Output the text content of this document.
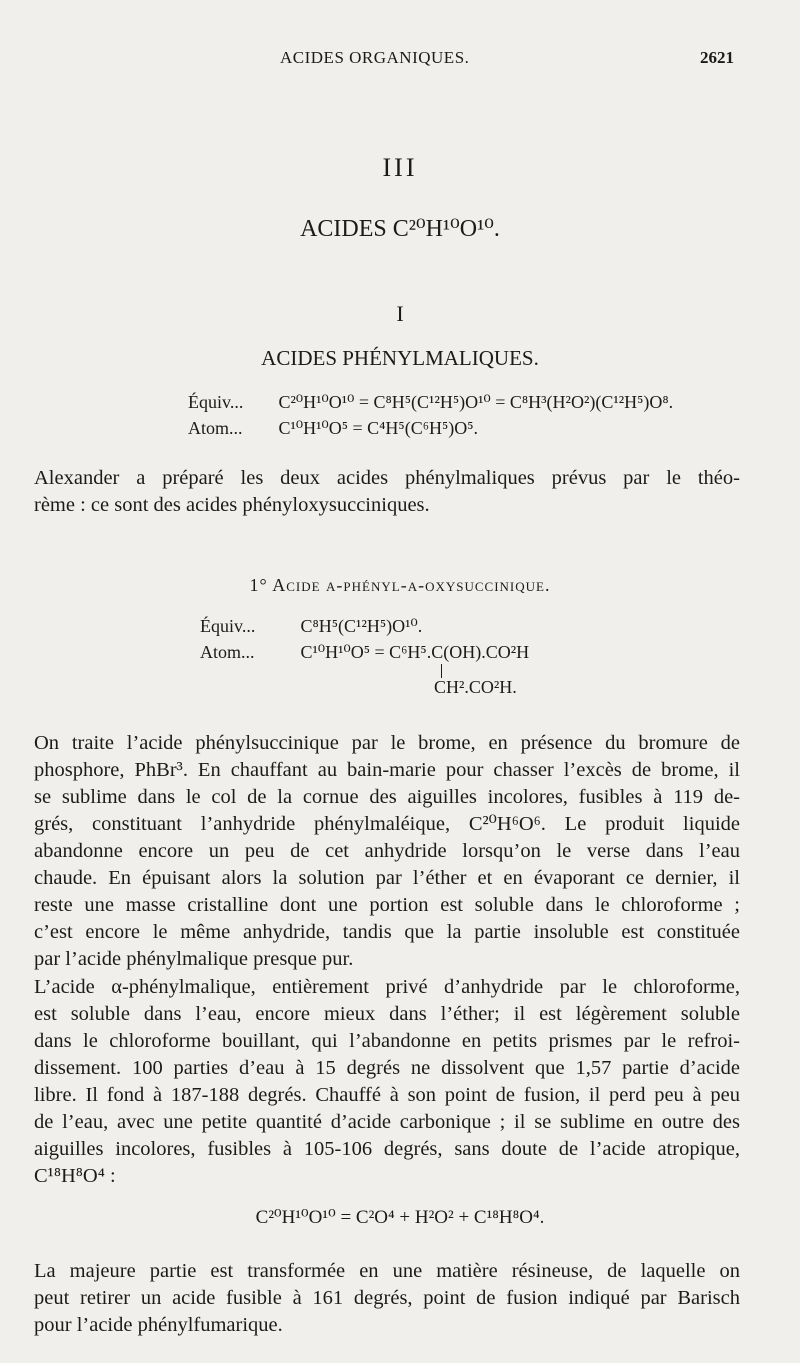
ACIDES ORGANIQUES.	2621
III
ACIDES C²⁰H¹⁰O¹⁰.
I
ACIDES PHÉNYLMALIQUES.
Équiv... C²⁰H¹⁰O¹⁰ = C⁸H⁵(C¹²H⁵)O¹⁰ = C⁸H³(H²O²)(C¹²H⁵)O⁸.
Atom... C¹⁰H¹⁰O⁵ = C⁴H⁵(C⁶H⁵)O⁵.
Alexander a préparé les deux acides phénylmaliques prévus par le théo-
rème : ce sont des acides phényloxysucciniques.
1° Acide α-phényl-α-oxysuccinique.
Équiv...	C⁸H⁵(C¹²H⁵)O¹⁰.
Atom...	C¹⁰H¹⁰O⁵ = C⁶H⁵.C(OH).CO²H
CH².CO²H.
On traite l’acide phénylsuccinique par le brome, en présence du bromure de
phosphore, PhBr³. En chauffant au bain-marie pour chasser l’excès de brome, il
se sublime dans le col de la cornue des aiguilles incolores, fusibles à 119 de-
grés, constituant l’anhydride phénylmaléique, C²⁰H⁶O⁶. Le produit liquide
abandonne encore un peu de cet anhydride lorsqu’on le verse dans l’eau
chaude. En épuisant alors la solution par l’éther et en évaporant ce dernier, il
reste une masse cristalline dont une portion est soluble dans le chloroforme ;
c’est encore le même anhydride, tandis que la partie insoluble est constituée
par l’acide phénylmalique presque pur.
L’acide α-phénylmalique, entièrement privé d’anhydride par le chloroforme,
est soluble dans l’eau, encore mieux dans l’éther; il est légèrement soluble
dans le chloroforme bouillant, qui l’abandonne en petits prismes par le refroi-
dissement. 100 parties d’eau à 15 degrés ne dissolvent que 1,57 partie d’acide
libre. Il fond à 187-188 degrés. Chauffé à son point de fusion, il perd peu à peu
de l’eau, avec une petite quantité d’acide carbonique ; il se sublime en outre des
aiguilles incolores, fusibles à 105-106 degrés, sans doute de l’acide atropique,
C¹⁸H⁸O⁴ :
C²⁰H¹⁰O¹⁰ = C²O⁴ + H²O² + C¹⁸H⁸O⁴.
La majeure partie est transformée en une matière résineuse, de laquelle on
peut retirer un acide fusible à 161 degrés, point de fusion indiqué par Barisch
pour l’acide phénylfumarique.
